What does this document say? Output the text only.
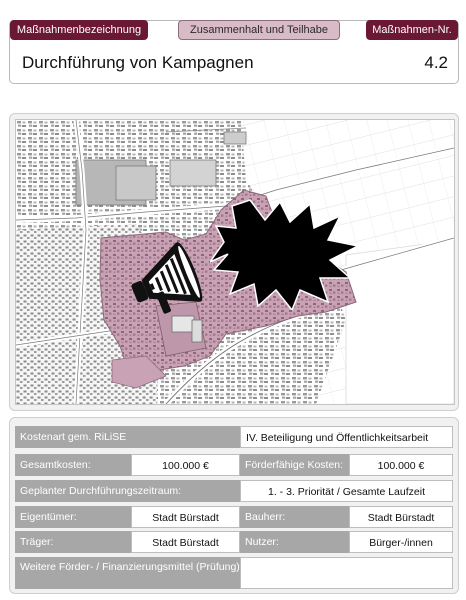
Maßnahmenbezeichnung	Zusammenhalt und Teilhabe	Maßnahmen-Nr.
Durchführung von Kampagnen	4.2
Kostenart gem. RiLiSE	IV. Beteiligung und Öffentlichkeitsarbeit
Gesamtkosten:	100.000 €	Förderfähige Kosten:	100.000 €
Geplanter Durchführungszeitraum:	1. - 3. Priorität / Gesamte Laufzeit
Eigentümer:	Stadt Bürstadt	Bauherr:	Stadt Bürstadt
Träger:	Stadt Bürstadt	Nutzer:	Bürger-/innen
Weitere Förder- / Finanzierungsmittel (Prüfung)
